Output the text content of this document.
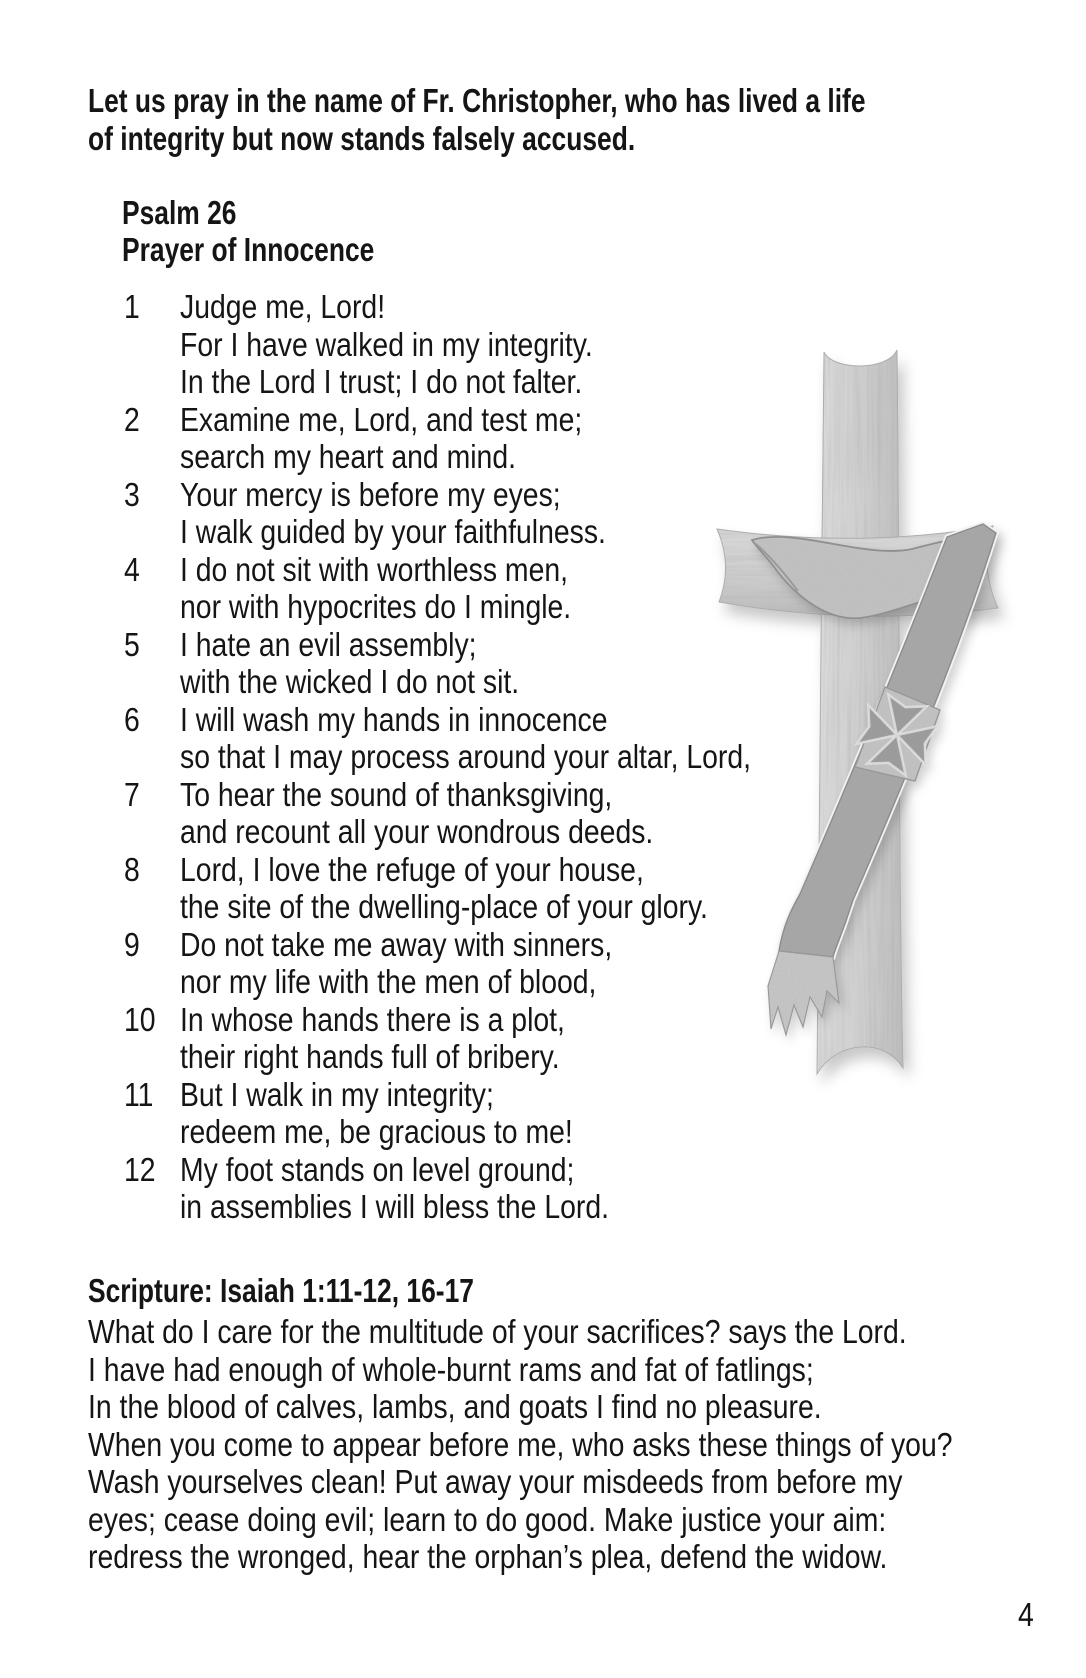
Let us pray in the name of Fr. Christopher, who has lived a life
of integrity but now stands falsely accused.
Psalm 26
Prayer of Innocence
1	Judge me, Lord!
For I have walked in my integrity.
In the Lord I trust; I do not falter.
2	Examine me, Lord, and test me;
search my heart and mind.
3	Your mercy is before my eyes;
I walk guided by your faithfulness.
4	I do not sit with worthless men,
nor with hypocrites do I mingle.
5	I hate an evil assembly;
with the wicked I do not sit.
6	I will wash my hands in innocence
so that I may process around your altar, Lord,
7	To hear the sound of thanksgiving,
and recount all your wondrous deeds.
8	Lord, I love the refuge of your house,
the site of the dwelling-place of your glory.
9	Do not take me away with sinners,
nor my life with the men of blood,
10 In whose hands there is a plot,
their right hands full of bribery.
11 But I walk in my integrity;
redeem me, be gracious to me!
12 My foot stands on level ground;
in assemblies I will bless the Lord.
Scripture: Isaiah 1:11-12, 16-17
What do I care for the multitude of your sacrifices? says the Lord.
I have had enough of whole-burnt rams and fat of fatlings;
In the blood of calves, lambs, and goats I find no pleasure.
When you come to appear before me, who asks these things of you?
Wash yourselves clean! Put away your misdeeds from before my
eyes; cease doing evil; learn to do good. Make justice your aim:
redress the wronged, hear the orphan’s plea, defend the widow.
4
